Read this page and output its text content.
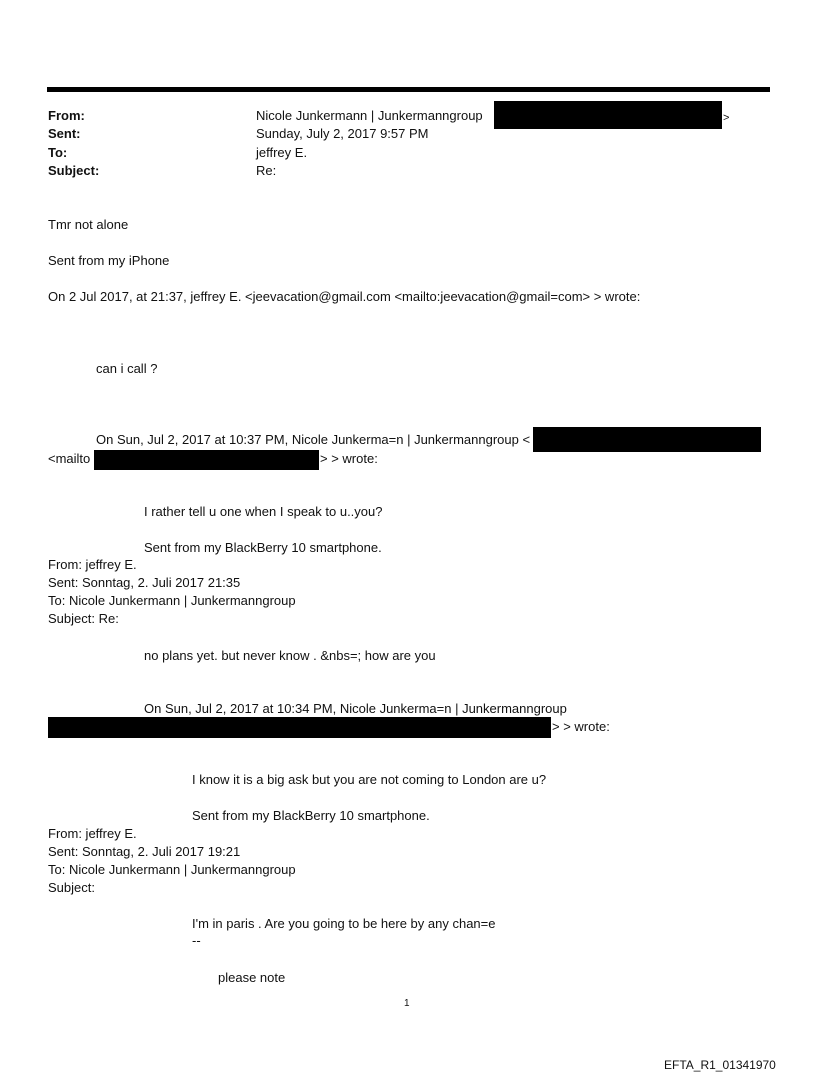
From:	Nicole Junkermann | Junkermanngroup	>
Sent:	Sunday, July 2, 2017 9:57 PM
To:	jeffrey E.
Subject:	Re:
Tmr not alone
Sent from my iPhone
On 2 Jul 2017, at 21:37, jeffrey E. <jeevacation@gmail.com <mailto:jeevacation@gmail=com> > wrote:
can i call ?
On Sun, Jul 2, 2017 at 10:37 PM, Nicole Junkerma=n | Junkermanngroup <
<mailto	> > wrote:
I rather tell u one when I speak to u..you?
Sent from my BlackBerry 10 smartphone.
From: jeffrey E.
Sent: Sonntag, 2. Juli 2017 21:35
To: Nicole Junkermann | Junkermanngroup
Subject: Re:
no plans yet. but never know . &nbs=; how are you
On Sun, Jul 2, 2017 at 10:34 PM, Nicole Junkerma=n | Junkermanngroup
> > wrote:
I know it is a big ask but you are not coming to London are u?
Sent from my BlackBerry 10 smartphone.
From: jeffrey E.
Sent: Sonntag, 2. Juli 2017 19:21
To: Nicole Junkermann | Junkermanngroup
Subject:
I'm in paris . Are you going to be here by any chan=e
--
please note
1
EFTA_R1_01341970
